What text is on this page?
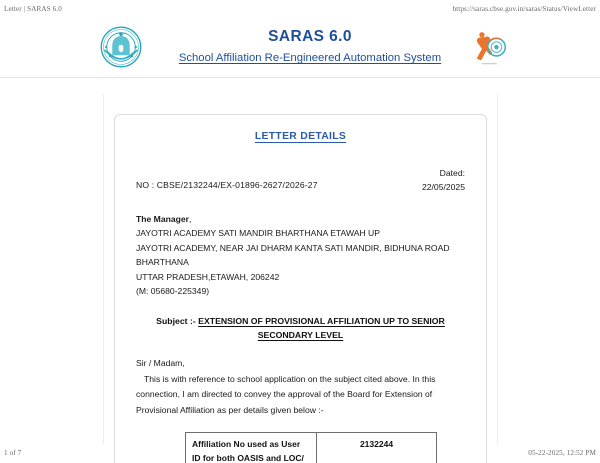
Letter | SARAS 6.0	https://saras.cbse.gov.in/saras/Status/ViewLetter
SARAS 6.0
School Affiliation Re-Engineered Automation System
LETTER DETAILS
NO : CBSE/2132244/EX-01896-2627/2026-27
Dated:
22/05/2025
The Manager,
JAYOTRI ACADEMY SATI MANDIR BHARTHANA ETAWAH UP
JAYOTRI ACADEMY, NEAR JAI DHARM KANTA SATI MANDIR, BIDHUNA ROAD
BHARTHANA
UTTAR PRADESH,ETAWAH, 206242
(M: 05680-225349)
Subject :- EXTENSION OF PROVISIONAL AFFILIATION UP TO SENIOR SECONDARY LEVEL
Sir / Madam,
This is with reference to school application on the subject cited above. In this connection, I am directed to convey the approval of the Board for Extension of Provisional Affiliation as per details given below :-
Affiliation No used as User ID for both OASIS and LOC/	2132244
1 of 7	05-22-2025, 12:52 PM
